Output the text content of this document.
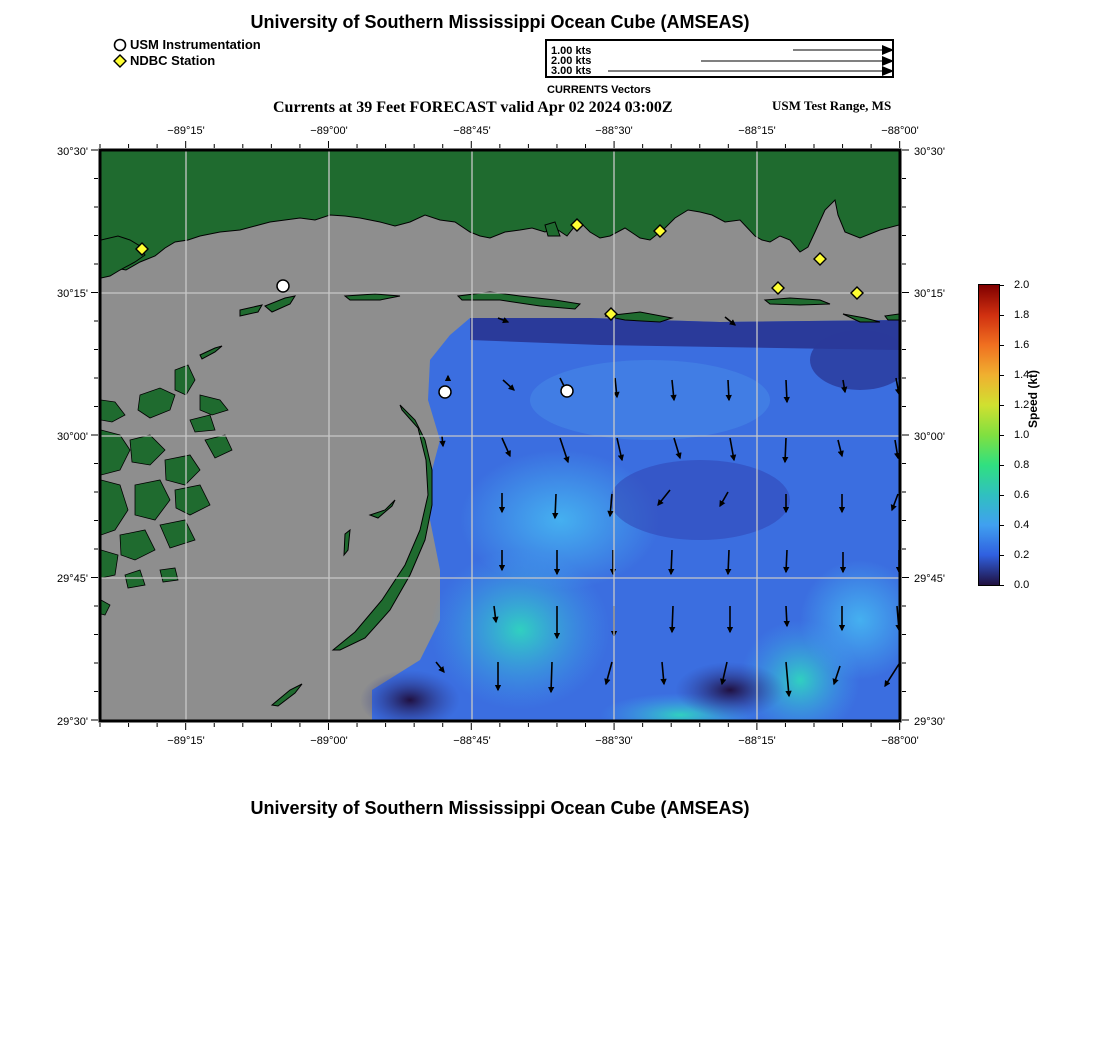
University of Southern Mississippi Ocean Cube (AMSEAS)
USM Instrumentation
NDBC Station
1.00 kts
2.00 kts
3.00 kts
CURRENTS Vectors
Currents at 39 Feet FORECAST valid Apr 02 2024 03:00Z	USM Test Range, MS
−89°15'	−89°00'	−88°45'	−88°30'	−88°15'	−88°00'
−89°15'	−89°00'	−88°45'	−88°30'	−88°15'	−88°00'
30°30'
30°15'
30°00'
29°45'
29°30'
30°30'
30°15'
30°00'
29°45'
29°30'
2.0
1.8
1.6
1.4
1.2
1.0
0.8
0.6
0.4
0.2
0.0
Speed (kt)
University of Southern Mississippi Ocean Cube (AMSEAS)
